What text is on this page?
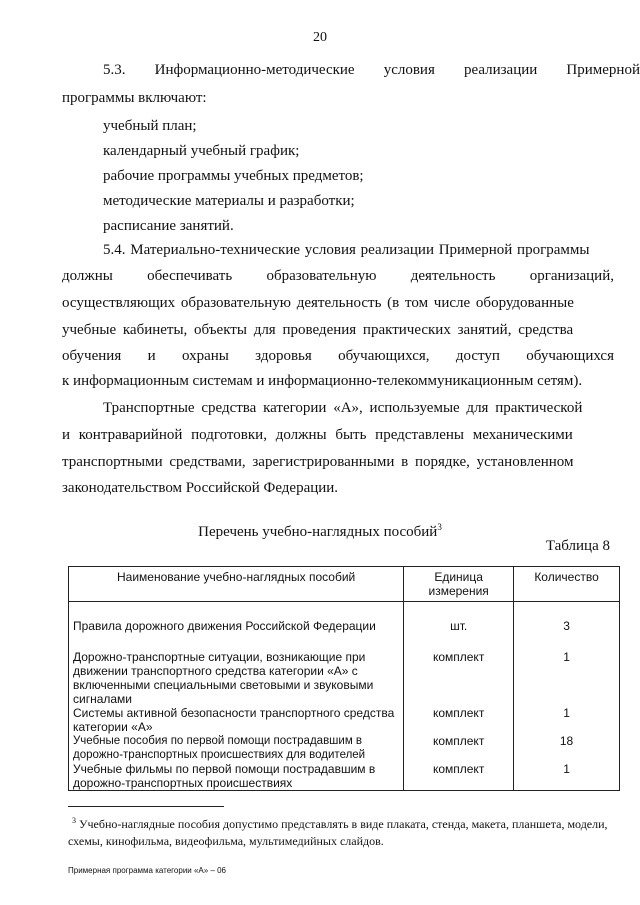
20
5.3. Информационно-методические условия реализации Примерной
программы включают:
учебный план;
календарный учебный график;
рабочие программы учебных предметов;
методические материалы и разработки;
расписание занятий.
5.4. Материально-технические условия реализации Примерной программы
должны обеспечивать образовательную деятельность организаций,
осуществляющих образовательную деятельность (в том числе оборудованные
учебные кабинеты, объекты для проведения практических занятий, средства
обучения и охраны здоровья обучающихся, доступ обучающихся
к информационным системам и информационно-телекоммуникационным сетям).
Транспортные средства категории «А», используемые для практической
и контраварийной подготовки, должны быть представлены механическими
транспортными средствами, зарегистрированными в порядке, установленном
законодательством Российской Федерации.
Перечень учебно-наглядных пособий$^3$
Таблица 8
Наименование учебно-наглядных пособий	Единица измерения	Количество
Правила дорожного движения Российской Федерации	шт.	3
Дорожно-транспортные ситуации, возникающие при движении транспортного средства категории «А» с включенными специальными световыми и звуковыми сигналами	комплект	1
Системы активной безопасности транспортного средства категории «А»	комплект	1
Учебные пособия по первой помощи пострадавшим в дорожно-транспортных происшествиях для водителей	комплект	18
Учебные фильмы по первой помощи пострадавшим в дорожно-транспортных происшествиях	комплект	1
$^3$ Учебно-наглядные пособия допустимо представлять в виде плаката, стенда, макета, планшета, модели, схемы, кинофильма, видеофильма, мультимедийных слайдов.
Примерная программа категории «А» – 06
